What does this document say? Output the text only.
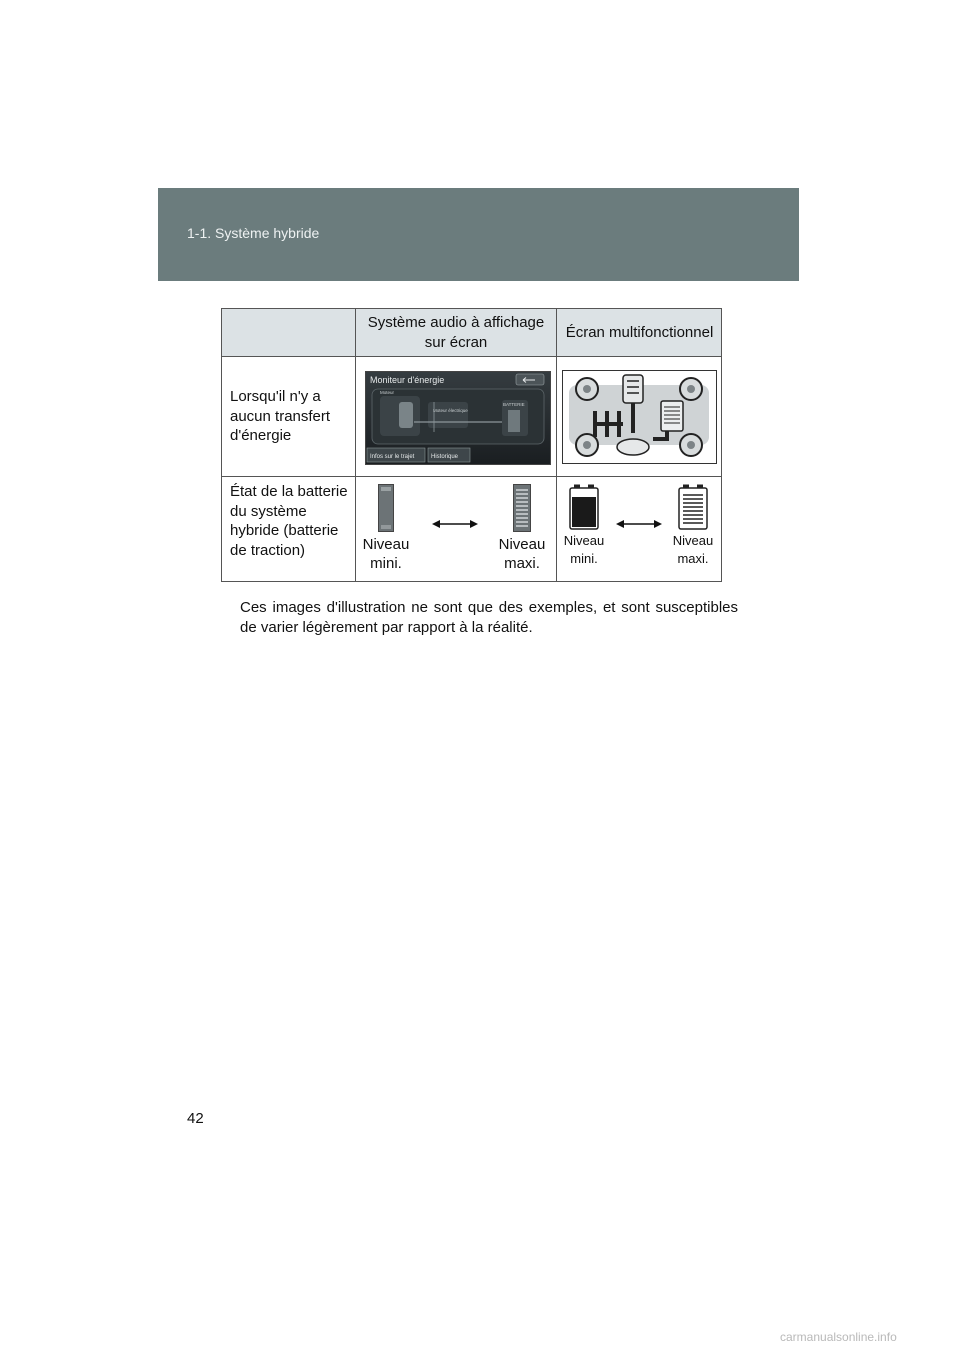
1-1. Système hybride
Système audio à affichage sur écran
Écran multifonctionnel
Lorsqu'il n'y a aucun transfert d'énergie
Moniteur d'énergie
Moteur électrique
Moteur
BATTERIE
Infos sur le trajet	Historique
État de la batterie du système hybride (batterie de traction)	Niveau mini.
Niveau maxi.
Niveau mini.
Niveau maxi.
Ces images d'illustration ne sont que des exemples, et sont susceptibles de varier légèrement par rapport à la réalité.
42
carmanualsonline.info
